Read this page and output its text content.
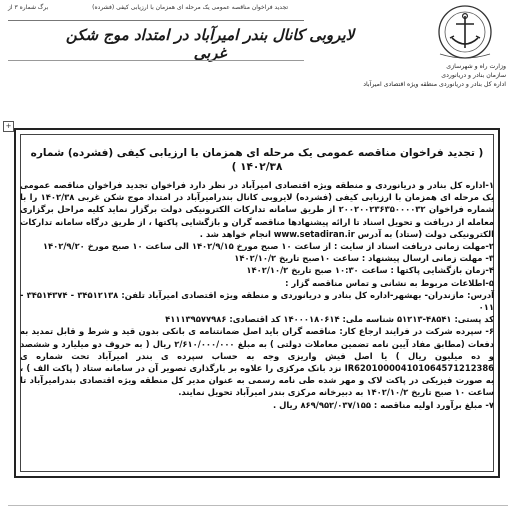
تجدید فراخوان مناقصه عمومی یک مرحله ای همزمان با ارزیابی کیفی (فشرده)
برگ شماره ۳ از
لایروبی کانال بندر امیرآباد در امتداد موج شکن غربی
وزارت راه و شهرسازی
سازمان بنادر و دریانوردی
اداره کل بنادر و دریانوردی منطقه ویژه اقتصادی امیرآباد
+
( تجدید فراخوان مناقصه عمومی یک مرحله ای همزمان با ارزیابی کیفی (فشرده) شماره ۱۴۰۲/۳۸ )

۱-اداره کل بنادر و دریانوردی و منطقه ویژه اقتصادی امیرآباد در نظر دارد فراخوان تجدید فراخوان مناقصه عمومی یک مرحله ای همزمان با ارزیابی کیفی (فشرده) لایروبی کانال بندرامیرآباد در امتداد موج شکن غربی ۱۴۰۲/۳۸ را با شماره فراخوان ۲۰۰۲۰۰۲۳۶۳۵۰۰۰۰۳۲ از طریق سامانه تدارکات الکترونیکی دولت برگزار نماید کلیه مراحل برگزاری معامله از دریافت و تحویل اسناد تا ارائه پیشنهادها مناقصه گران و بازگشایی پاکتها ، از طریق درگاه سامانه تدارکات الکترونیکی دولت (ستاد) به آدرس www.setadiran.ir انجام خواهد شد .

۲-مهلت زمانی دریافت اسناد از سایت : از ساعت ۱۰ صبح مورخ ۱۴۰۲/۹/۱۵ الی ساعت ۱۰ صبح مورخ ۱۴۰۲/۹/۲۰

۳- مهلت زمانی ارسال پیشنهاد : ساعت ۱۰صبح تاریخ ۱۴۰۲/۱۰/۲

۴-زمان بازگشایی پاکتها : ساعت ۱۰:۳۰ صبح تاریخ ۱۴۰۲/۱۰/۲

۵-اطلاعات مربوط به نشانی و تماس مناقصه گزار :

آدرس: مازندران- بهشهر-اداره کل بنادر و دریانوردی و منطقه ویژه اقتصادی امیرآباد تلفن: ۳۴۵۱۲۱۳۸ - ۳۴۵۱۴۳۷۴ - ۰۱۱

کد پستی: ۴۸۵۴۱-۵۱۲۱۳ شناسه ملی: ۱۴۰۰۰۱۸۰۶۱۴ کد اقتصادی: ۴۱۱۱۳۹۵۷۷۹۸۶

۶- سپرده شرکت در فرایند ارجاع کار: مناقصه گران باید اصل ضمانتنامه ی بانکی بدون قید و شرط و قابل تمدید به دفعات (مطابق مفاد آیین نامه تضمین معاملات دولتی ) به مبلغ ۲/۶۱۰/۰۰۰/۰۰۰ ریال ( به حروف دو میلیارد و ششصد و ده میلیون ریال ) یا اصل فیش واریزی وجه به حساب سپرده ی بندر امیرآباد تحت شماره ی IR620100004101064571212386 نزد بانک مرکزی را علاوه بر بارگذاری تصویر آن در سامانه ستاد ( پاکت الف ) ، به صورت فیزیکی در پاکت لاک و مهر شده طی نامه رسمی به عنوان مدیر کل منطقه ویژه اقتصادی بندرامیرآباد تا ساعت ۱۰ صبح تاریخ ۱۴۰۲/۱۰/۲ به دبیرخانه مرکزی بندر امیرآباد تحویل نمایند.

۷- مبلغ برآورد اولیه مناقصه : ۸۶۹/۹۵۲/۰۳۷/۱۵۵ ریال .
